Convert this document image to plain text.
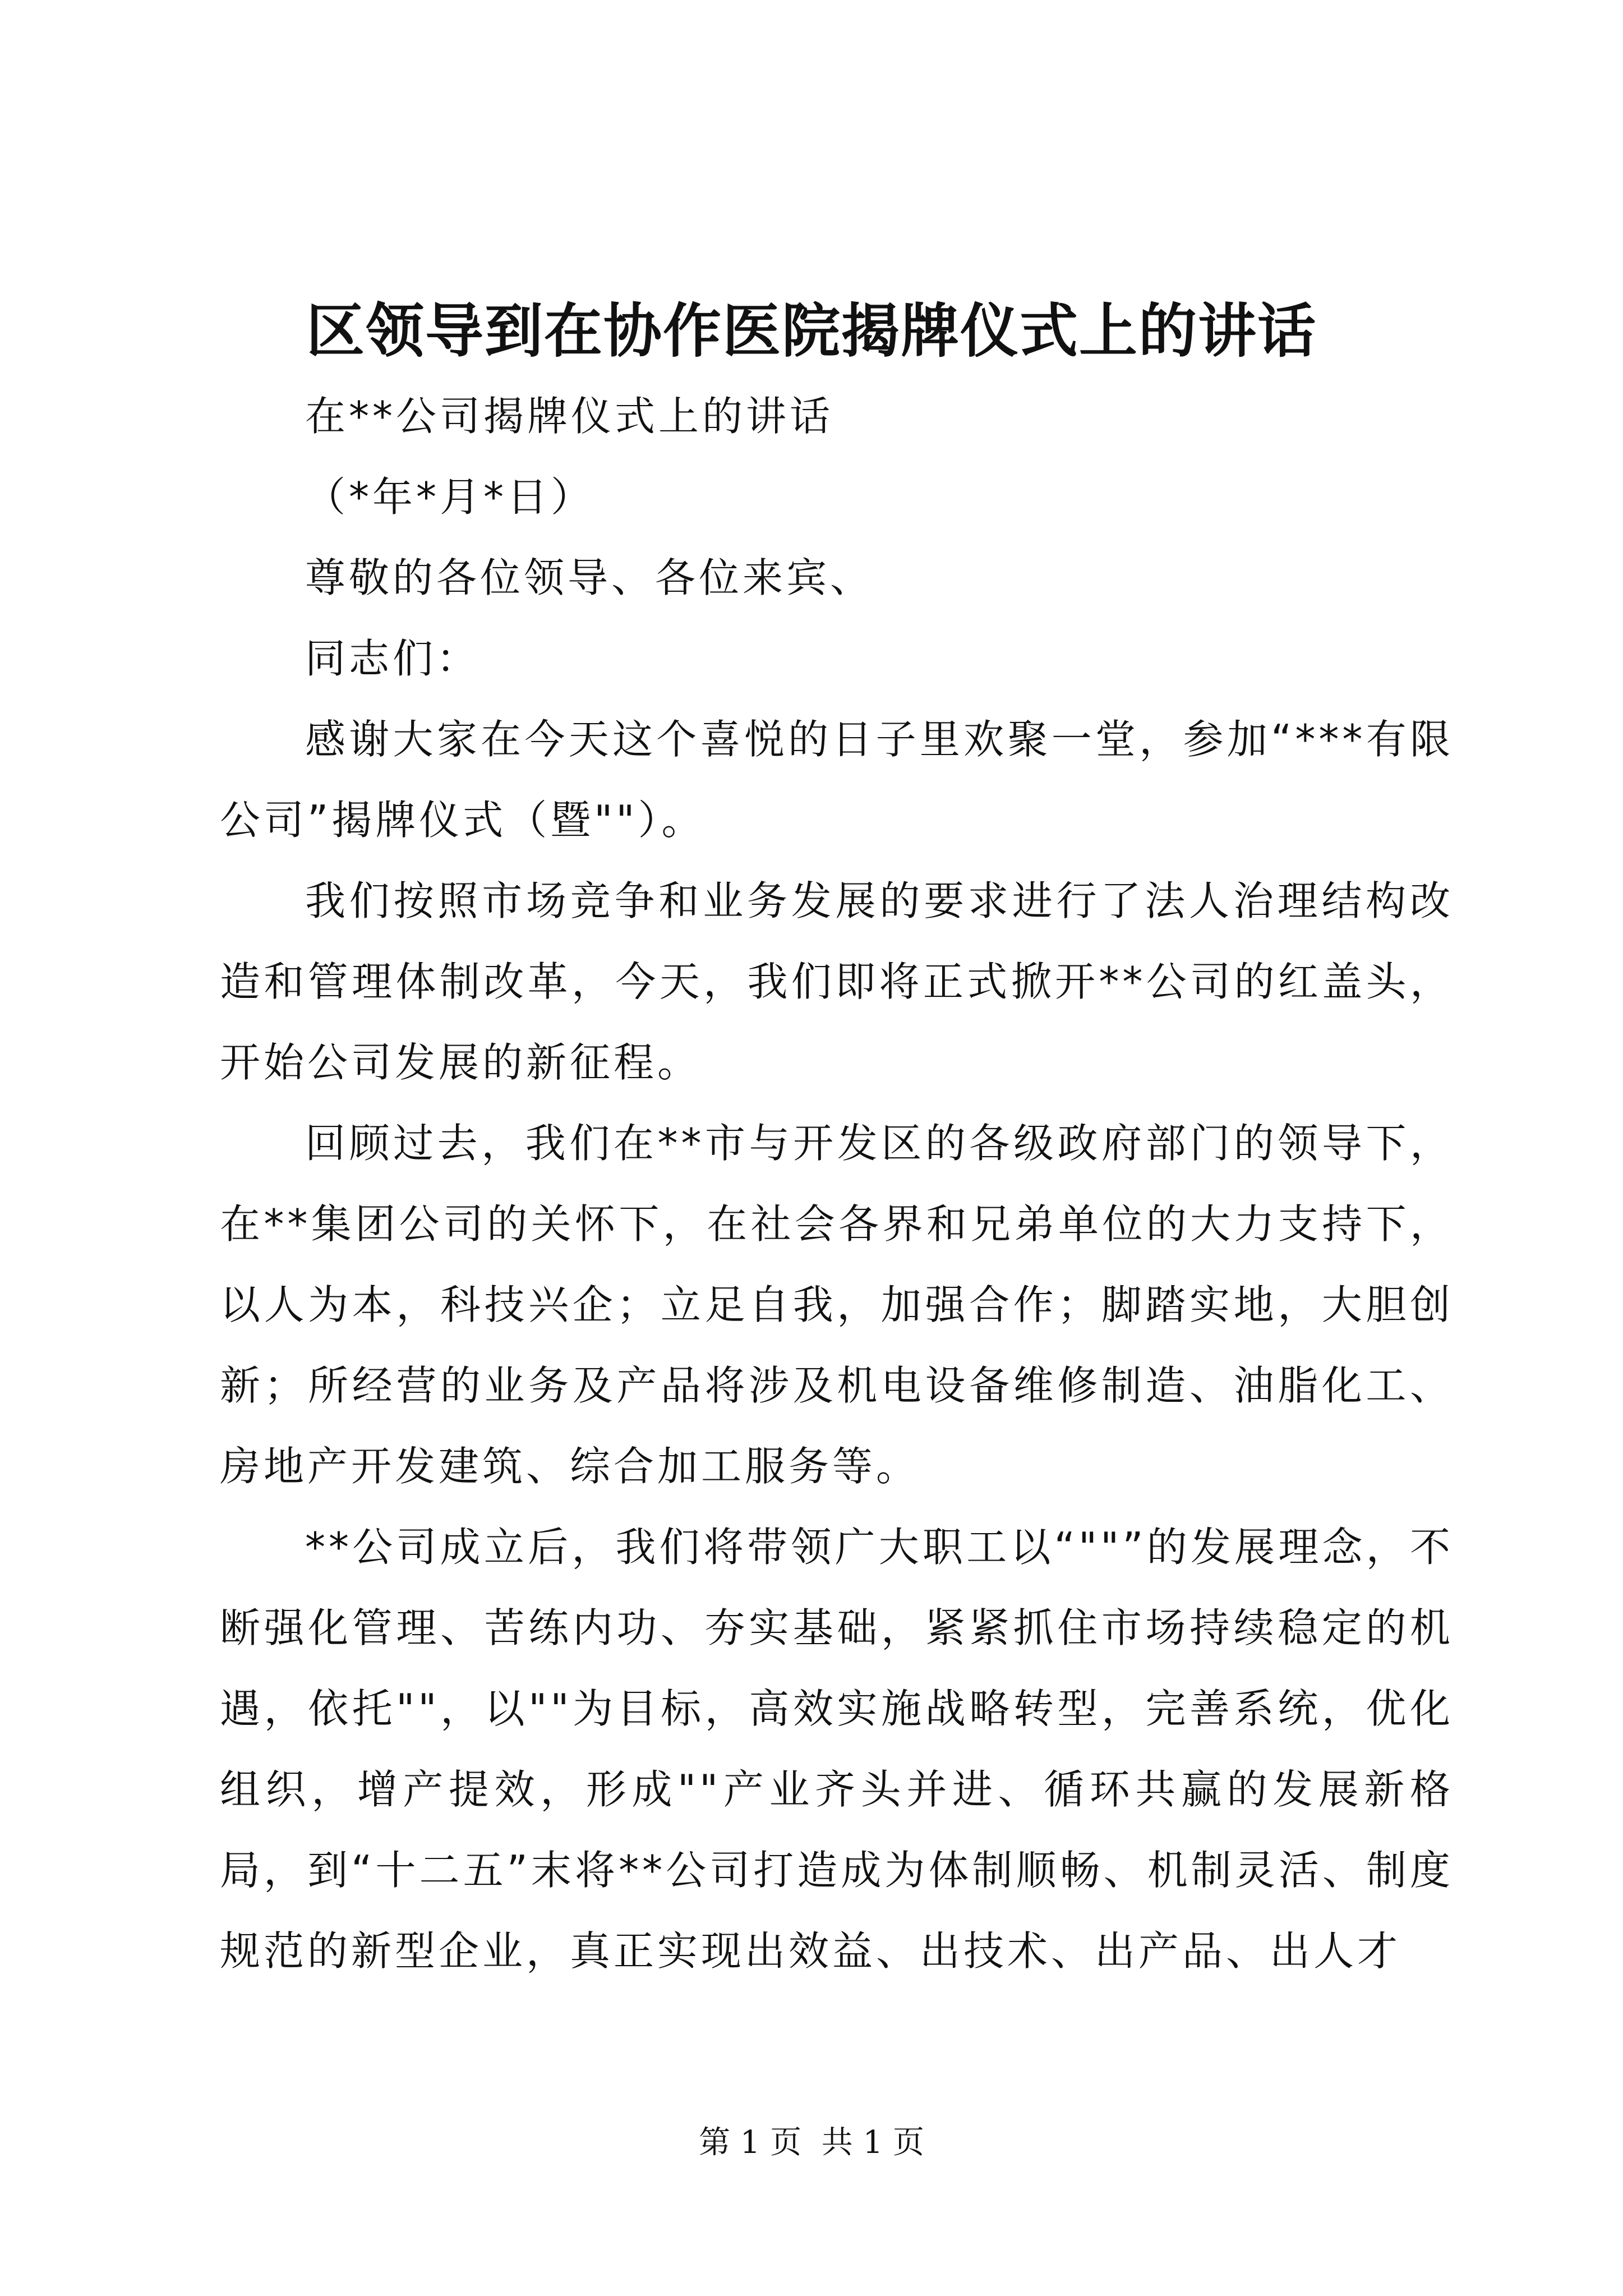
区领导到在协作医院揭牌仪式上的讲话

在**公司揭牌仪式上的讲话

（*年*月*日）

尊敬的各位领导、各位来宾、

同志们：

感谢大家在今天这个喜悦的日子里欢聚一堂，参加“***有限公司”揭牌仪式（暨""）。

我们按照市场竞争和业务发展的要求进行了法人治理结构改造和管理体制改革，今天，我们即将正式掀开**公司的红盖头，开始公司发展的新征程。

回顾过去，我们在**市与开发区的各级政府部门的领导下，在**集团公司的关怀下，在社会各界和兄弟单位的大力支持下，以人为本，科技兴企；立足自我，加强合作；脚踏实地，大胆创新；所经营的业务及产品将涉及机电设备维修制造、油脂化工、房地产开发建筑、综合加工服务等。

**公司成立后，我们将带领广大职工以“""”的发展理念，不断强化管理、苦练内功、夯实基础，紧紧抓住市场持续稳定的机遇，依托""，以""为目标，高效实施战略转型，完善系统，优化组织，增产提效，形成""产业齐头并进、循环共赢的发展新格局，到“十二五”末将**公司打造成为体制顺畅、机制灵活、制度规范的新型企业，真正实现出效益、出技术、出产品、出人才

第 1 页  共 1 页
